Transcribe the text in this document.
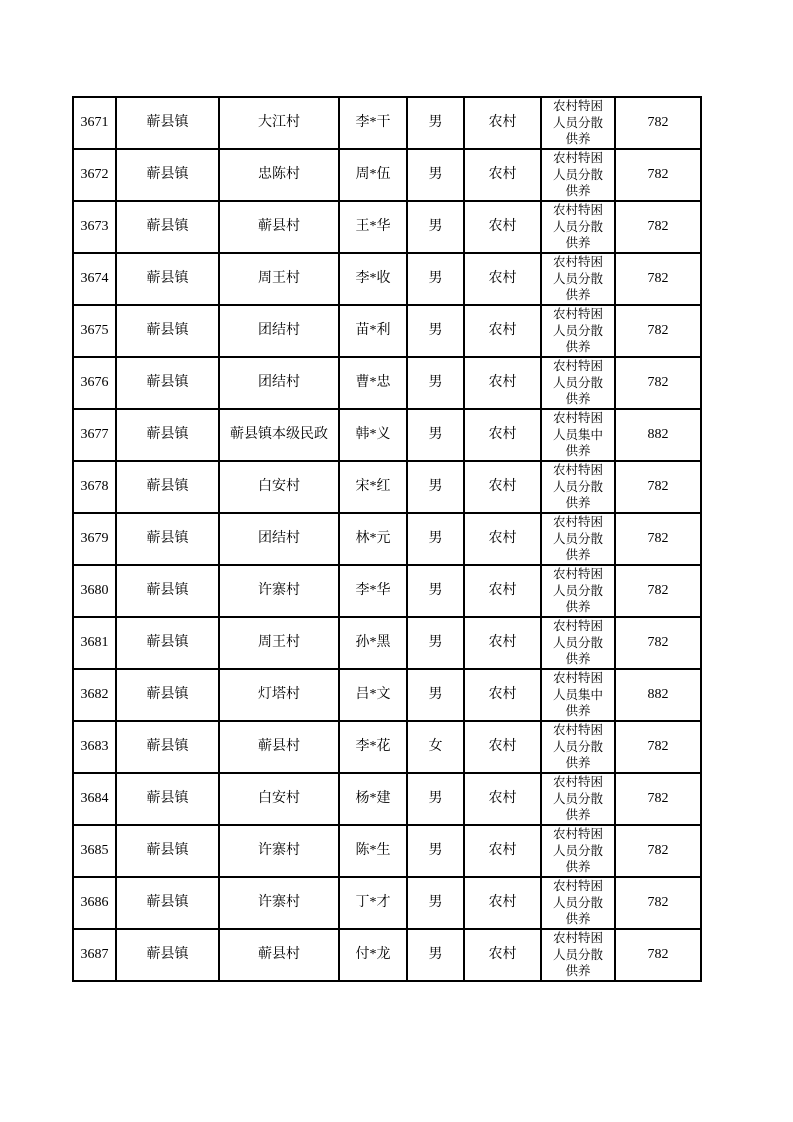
3671	蕲县镇	大江村	李*干	男	农村	农村特困人员分散供养	782
3672	蕲县镇	忠陈村	周*伍	男	农村	农村特困人员分散供养	782
3673	蕲县镇	蕲县村	王*华	男	农村	农村特困人员分散供养	782
3674	蕲县镇	周王村	李*收	男	农村	农村特困人员分散供养	782
3675	蕲县镇	团结村	苗*利	男	农村	农村特困人员分散供养	782
3676	蕲县镇	团结村	曹*忠	男	农村	农村特困人员分散供养	782
3677	蕲县镇	蕲县镇本级民政	韩*义	男	农村	农村特困人员集中供养	882
3678	蕲县镇	白安村	宋*红	男	农村	农村特困人员分散供养	782
3679	蕲县镇	团结村	林*元	男	农村	农村特困人员分散供养	782
3680	蕲县镇	许寨村	李*华	男	农村	农村特困人员分散供养	782
3681	蕲县镇	周王村	孙*黑	男	农村	农村特困人员分散供养	782
3682	蕲县镇	灯塔村	吕*文	男	农村	农村特困人员集中供养	882
3683	蕲县镇	蕲县村	李*花	女	农村	农村特困人员分散供养	782
3684	蕲县镇	白安村	杨*建	男	农村	农村特困人员分散供养	782
3685	蕲县镇	许寨村	陈*生	男	农村	农村特困人员分散供养	782
3686	蕲县镇	许寨村	丁*才	男	农村	农村特困人员分散供养	782
3687	蕲县镇	蕲县村	付*龙	男	农村	农村特困人员分散供养	782
